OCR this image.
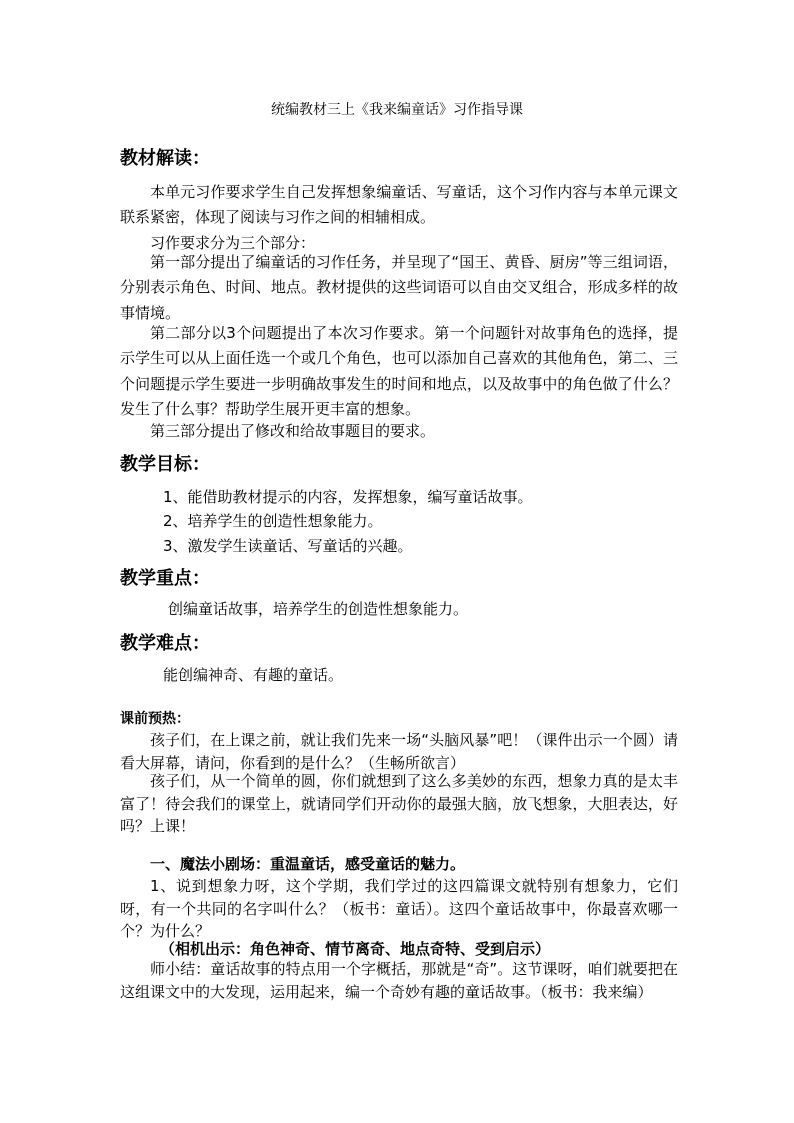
统编教材三上《我来编童话》习作指导课
教材解读：
本单元习作要求学生自己发挥想象编童话、写童话，这个习作内容与本单元课文联系紧密，体现了阅读与习作之间的相辅相成。
习作要求分为三个部分：
第一部分提出了编童话的习作任务，并呈现了“国王、黄昏、厨房”等三组词语，分别表示角色、时间、地点。教材提供的这些词语可以自由交叉组合，形成多样的故事情境。
第二部分以3个问题提出了本次习作要求。第一个问题针对故事角色的选择，提示学生可以从上面任选一个或几个角色，也可以添加自己喜欢的其他角色，第二、三个问题提示学生要进一步明确故事发生的时间和地点，以及故事中的角色做了什么？发生了什么事？帮助学生展开更丰富的想象。
第三部分提出了修改和给故事题目的要求。
教学目标：
1、能借助教材提示的内容，发挥想象，编写童话故事。
2、培养学生的创造性想象能力。
3、激发学生读童话、写童话的兴趣。
教学重点：
创编童话故事，培养学生的创造性想象能力。
教学难点：
能创编神奇、有趣的童话。
课前预热：
孩子们，在上课之前，就让我们先来一场“头脑风暴”吧！（课件出示一个圆）请看大屏幕，请问，你看到的是什么？（生畅所欲言）
孩子们，从一个简单的圆，你们就想到了这么多美妙的东西，想象力真的是太丰富了！待会我们的课堂上，就请同学们开动你的最强大脑，放飞想象，大胆表达，好吗？上课！
一、魔法小剧场：重温童话，感受童话的魅力。
1、说到想象力呀，这个学期，我们学过的这四篇课文就特别有想象力，它们呀，有一个共同的名字叫什么？（板书：童话）。这四个童话故事中，你最喜欢哪一个？为什么？
（相机出示：角色神奇、情节离奇、地点奇特、受到启示）
师小结：童话故事的特点用一个字概括，那就是“奇”。这节课呀，咱们就要把在这组课文中的大发现，运用起来，编一个奇妙有趣的童话故事。（板书：我来编）
